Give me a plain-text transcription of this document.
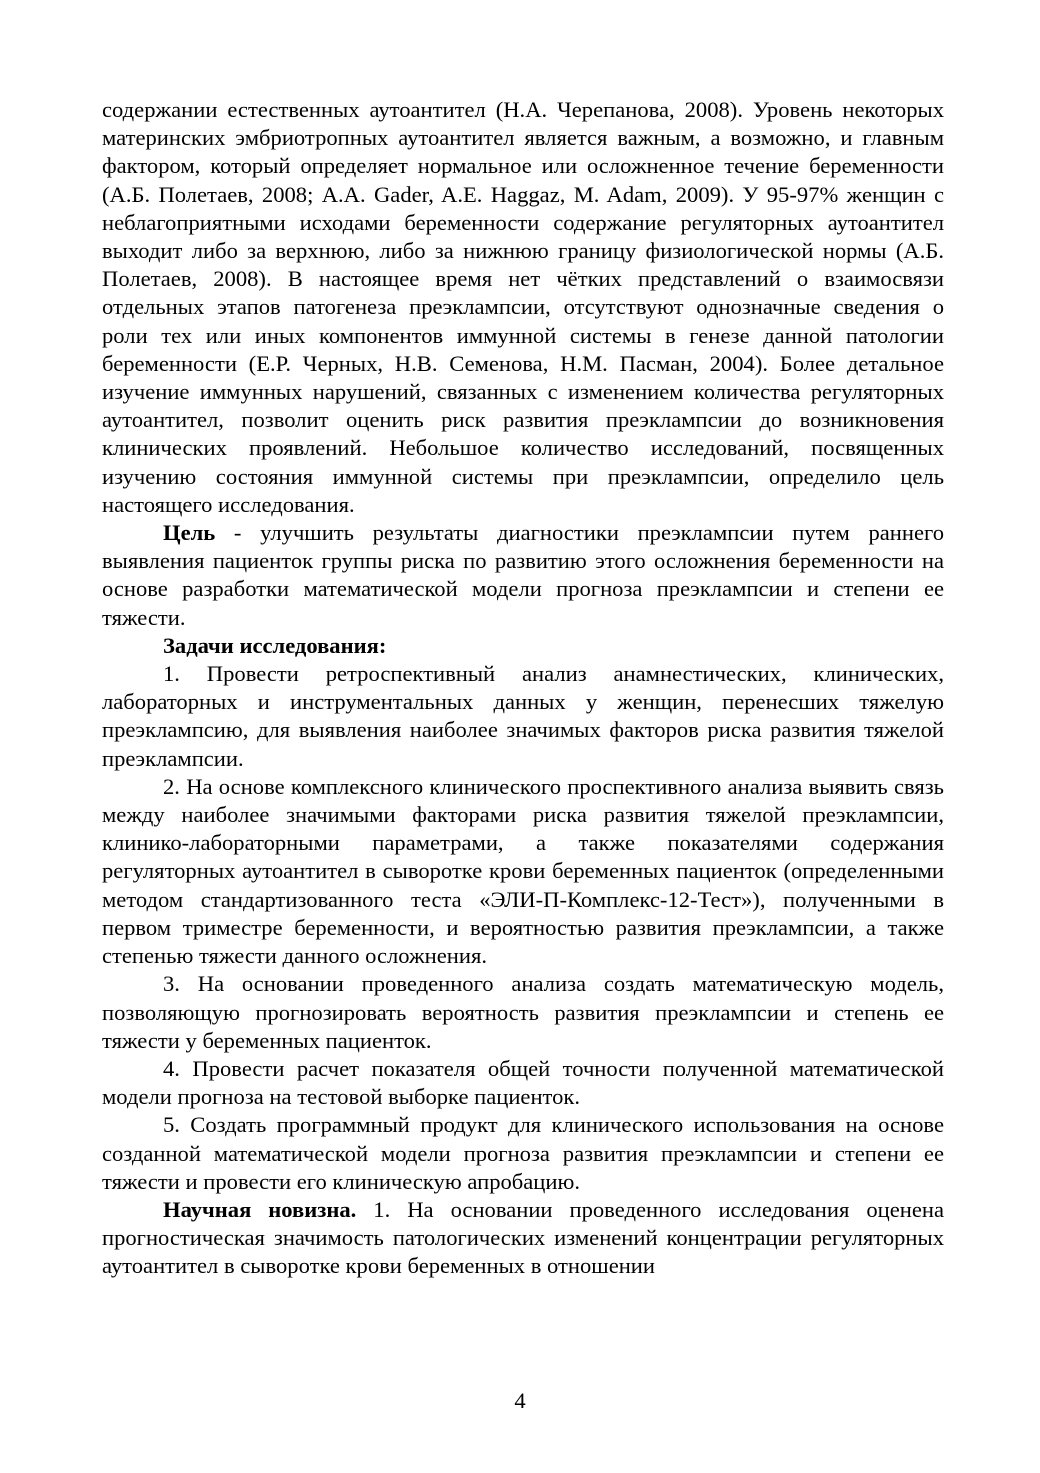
содержании естественных аутоантител (Н.А. Черепанова, 2008). Уровень некоторых материнских эмбриотропных аутоантител является важным, а возможно, и главным фактором, который определяет нормальное или осложненное течение беременности (А.Б. Полетаев, 2008; A.A. Gader, A.E. Haggaz, M. Adam, 2009). У 95-97% женщин с неблагоприятными исходами беременности содержание регуляторных аутоантител выходит либо за верхнюю, либо за нижнюю границу физиологической нормы (А.Б. Полетаев, 2008). В настоящее время нет чётких представлений о взаимосвязи отдельных этапов патогенеза преэклампсии, отсутствуют однозначные сведения о роли тех или иных компонентов иммунной системы в генезе данной патологии беременности (Е.Р. Черных, Н.В. Семенова, Н.М. Пасман, 2004). Более детальное изучение иммунных нарушений, связанных с изменением количества регуляторных аутоантител, позволит оценить риск развития преэклампсии до возникновения клинических проявлений. Небольшое количество исследований, посвященных изучению состояния иммунной системы при преэклампсии, определило цель настоящего исследования.

Цель - улучшить результаты диагностики преэклампсии путем раннего выявления пациенток группы риска по развитию этого осложнения беременности на основе разработки математической модели прогноза преэклампсии и степени ее тяжести.

Задачи исследования:

1. Провести ретроспективный анализ анамнестических, клинических, лабораторных и инструментальных данных у женщин, перенесших тяжелую преэклампсию, для выявления наиболее значимых факторов риска развития тяжелой преэклампсии.

2. На основе комплексного клинического проспективного анализа выявить связь между наиболее значимыми факторами риска развития тяжелой преэклампсии, клинико-лабораторными параметрами, а также показателями содержания регуляторных аутоантител в сыворотке крови беременных пациенток (определенными методом стандартизованного теста «ЭЛИ-П-Комплекс-12-Тест»), полученными в первом триместре беременности, и вероятностью развития преэклампсии, а также степенью тяжести данного осложнения.

3. На основании проведенного анализа создать математическую модель, позволяющую прогнозировать вероятность развития преэклампсии и степень ее тяжести у беременных пациенток.

4. Провести расчет показателя общей точности полученной математической модели прогноза на тестовой выборке пациенток.

5. Создать программный продукт для клинического использования на основе созданной математической модели прогноза развития преэклампсии и степени ее тяжести и провести его клиническую апробацию.

Научная новизна. 1. На основании проведенного исследования оценена прогностическая значимость патологических изменений концентрации регуляторных аутоантител в сыворотке крови беременных в отношении

4
